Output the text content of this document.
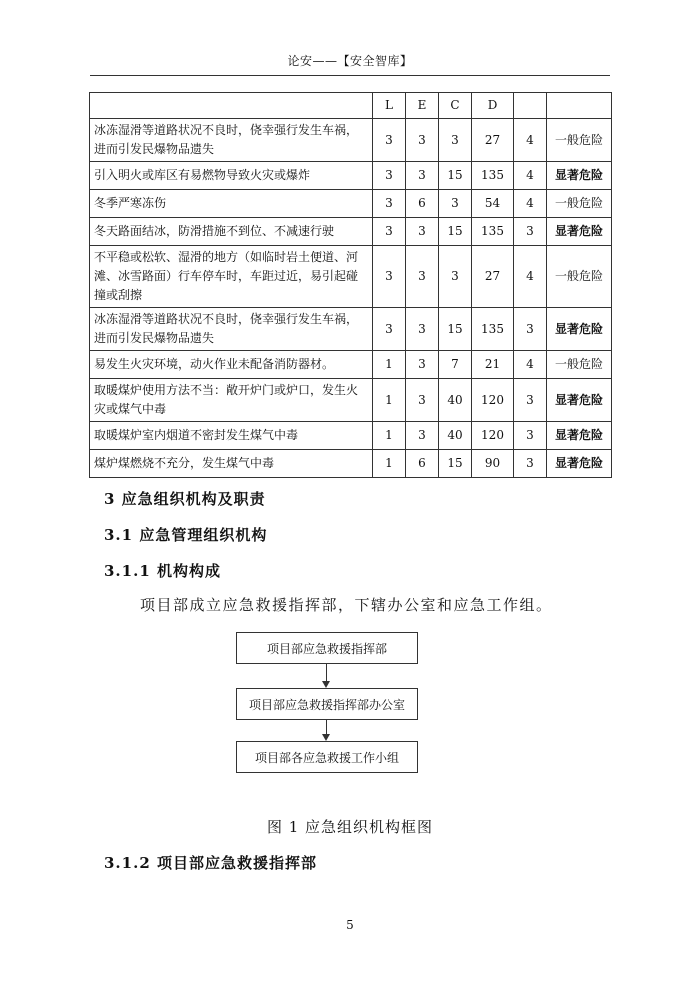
论安——【安全智库】
	L	E	C	D		
冰冻湿滑等道路状况不良时，侥幸强行发生车祸，进而引发民爆物品遗失	3	3	3	27	4	一般危险
引入明火或库区有易燃物导致火灾或爆炸	3	3	15	135	4	显著危险
冬季严寒冻伤	3	6	3	54	4	一般危险
冬天路面结冰，防滑措施不到位、不减速行驶	3	3	15	135	3	显著危险
不平稳或松软、湿滑的地方（如临时岩土便道、河滩、冰雪路面）行车停车时，车距过近，易引起碰撞或刮擦	3	3	3	27	4	一般危险
冰冻湿滑等道路状况不良时，侥幸强行发生车祸，进而引发民爆物品遗失	3	3	15	135	3	显著危险
易发生火灾环境，动火作业未配备消防器材。	1	3	7	21	4	一般危险
取暖煤炉使用方法不当：敞开炉门或炉口，发生火灾或煤气中毒	1	3	40	120	3	显著危险
取暖煤炉室内烟道不密封发生煤气中毒	1	3	40	120	3	显著危险
煤炉煤燃烧不充分，发生煤气中毒	1	6	15	90	3	显著危险
3 应急组织机构及职责
3.1 应急管理组织机构
3.1.1 机构构成
项目部成立应急救援指挥部，下辖办公室和应急工作组。
项目部应急救援指挥部
项目部应急救援指挥部办公室
项目部各应急救援工作小组
图 1 应急组织机构框图
3.1.2 项目部应急救援指挥部
5
